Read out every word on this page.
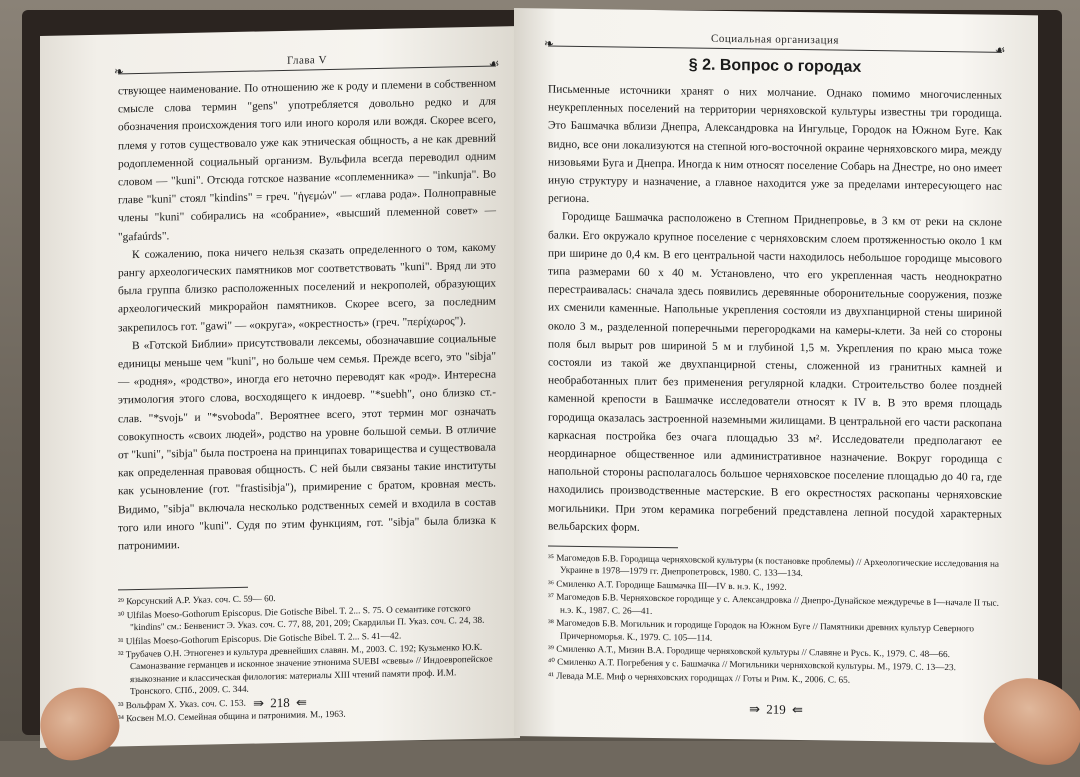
❧
Глава V	☙

ствующее наименование. По отношению же к роду и племени в собственном смысле слова термин "gens" употребляется довольно редко и для обозначения происхождения того или иного короля или вождя. Скорее всего, племя у готов существовало уже как этническая общность, а не как древний родоплеменной социальный организм. Вульфила всегда переводил одним словом — "kuni". Отсюда готское название «соплеменника» — "inkunja". Во главе "kuni" стоял "kindins" = греч. "ἡγεμών" — «глава рода». Полноправные члены "kuni" собирались на «собрание», «высший племенной совет» — "gafaúrds".

К сожалению, пока ничего нельзя сказать определенного о том, какому рангу археологических памятников мог соответствовать "kuni". Вряд ли это была группа близко расположенных поселений и некрополей, образующих археологический микрорайон памятников. Скорее всего, за последним закрепилось гот. "gawi" — «округа», «окрестность» (греч. "περίχωρος").

В «Готской Библии» присутствовали лексемы, обозначавшие социальные единицы меньше чем "kuni", но больше чем семья. Прежде всего, это "sibja" — «родня», «родство», иногда его неточно переводят как «род». Интересна этимология этого слова, восходящего к индоевр. "*suebh", оно близко ст.-слав. "*svojь" и "*svoboda". Вероятнее всего, этот термин мог означать совокупность «своих людей», родство на уровне большой семьи. В отличие от "kuni", "sibja" была построена на принципах товарищества и существовала как определенная правовая общность. С ней были связаны такие институты как усыновление (гот. "frastisibja"), примирение с братом, кровная месть. Видимо, "sibja" включала несколько родственных семей и входила в состав того или иного "kuni". Судя по этим функциям, гот. "sibja" была близка к патронимии.

²⁹ Корсунский А.Р. Указ. соч. С. 59— 60.

³⁰ Ulfilas Moeso-Gothorum Episcopus. Die Gotische Bibel. T. 2... S. 75. О семантике готского "kindins" см.: Бенвенист Э. Указ. соч. С. 77, 88, 201, 209; Скардильи П. Указ. соч. С. 24, 38.

³¹ Ulfilas Moeso-Gothorum Episcopus. Die Gotische Bibel. T. 2... S. 41—42.

³² Трубачев О.Н. Этногенез и культура древнейших славян. М., 2003. С. 192; Кузьменко Ю.К. Самоназвание германцев и исконное значение этнонима SUEBI «свевы» // Индоевропейское языкознание и классическая филология: материалы XIII чтений памяти проф. И.М. Тронского. СПб., 2009. С. 344.

³³ Вольфрам Х. Указ. соч. С. 153.

³⁴ Косвен М.О. Семейная община и патронимия. М., 1963.

⇛ 218 ⇚
❧	Социальная организация
☙
§ 2. Вопрос о городах

Письменные источники хранят о них молчание. Однако помимо многочисленных неукрепленных поселений на территории черняховской культуры известны три городища. Это Башмачка вблизи Днепра, Александровка на Ингульце, Городок на Южном Буге. Как видно, все они локализуются на степной юго-восточной окраине черняховского мира, между низовьями Буга и Днепра. Иногда к ним относят поселение Собарь на Днестре, но оно имеет иную структуру и назначение, а главное находится уже за пределами интересующего нас региона.

Городище Башмачка расположено в Степном Приднепровье, в 3 км от реки на склоне балки. Его окружало крупное поселение с черняховским слоем протяженностью около 1 км при ширине до 0,4 км. В его центральной части находилось небольшое городище мысового типа размерами 60 х 40 м. Установлено, что его укрепленная часть неоднократно перестраивалась: сначала здесь появились деревянные оборонительные сооружения, позже их сменили каменные. Напольные укрепления состояли из двухпанцирной стены шириной около 3 м., разделенной поперечными перегородками на камеры-клети. За ней со стороны поля был вырыт ров шириной 5 м и глубиной 1,5 м. Укрепления по краю мыса тоже состояли из такой же двухпанцирной стены, сложенной из гранитных камней и необработанных плит без применения регулярной кладки. Строительство более поздней каменной крепости в Башмачке исследователи относят к IV в. В это время площадь городища оказалась застроенной наземными жилищами. В центральной его части раскопана каркасная постройка без очага площадью 33 м². Исследователи предполагают ее неординарное общественное или административное назначение. Вокруг городища с напольной стороны располагалось большое черняховское поселение площадью до 40 га, где находились производственные мастерские. В его окрестностях раскопаны черняховские могильники. При этом керамика погребений представлена лепной посудой характерных вельбарских форм.

³⁵ Магомедов Б.В. Городища черняховской культуры (к постановке проблемы) // Археологические исследования на Украине в 1978—1979 гг. Днепропетровск, 1980. С. 133—134.

³⁶ Смиленко А.Т. Городище Башмачка III—IV в. н.э. К., 1992.

³⁷ Магомедов Б.В. Черняховское городище у с. Александровка // Днепро-Дунайское междуречье в I—начале II тыс. н.э. К., 1987. С. 26—41.

³⁸ Магомедов Б.В. Могильник и городище Городок на Южном Буге // Памятники древних культур Северного Причерноморья. К., 1979. С. 105—114.

³⁹ Смиленко А.Т., Мизин В.А. Городище черняховской культуры // Славяне и Русь. К., 1979. С. 48—66.

⁴⁰ Смиленко А.Т. Погребения у с. Башмачка // Могильники черняховской культуры. М., 1979. С. 13—23.

⁴¹ Левада М.Е. Миф о черняховских городищах // Готы и Рим. К., 2006. С. 65.

⇛ 219 ⇚
